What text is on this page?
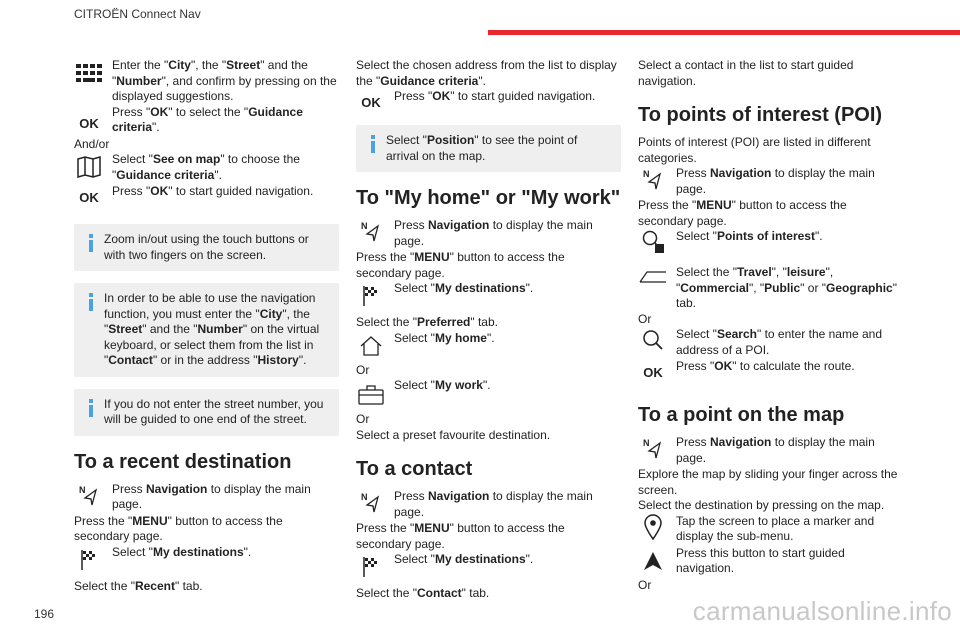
CITROËN Connect Nav
Enter the "City", the "Street" and the "Number", and confirm by pressing on the displayed suggestions.
OK
Press "OK" to select the "Guidance criteria".
And/or
Select "See on map" to choose the "Guidance criteria".
OK	Press "OK" to start guided navigation.
Zoom in/out using the touch buttons or with two fingers on the screen.
In order to be able to use the navigation function, you must enter the "City", the "Street" and the "Number" on the virtual keyboard, or select them from the list in "Contact" or in the address "History".
If you do not enter the street number, you will be guided to one end of the street.
To a recent destination
N Press Navigation to display the main page.
Press the "MENU" button to access the secondary page.
Select "My destinations".
Select the "Recent" tab.
Select the chosen address from the list to display the "Guidance criteria".
OK	Press "OK" to start guided navigation.
Select "Position" to see the point of arrival on the map.
To "My home" or "My work"
N Press Navigation to display the main page.
Press the "MENU" button to access the secondary page.
Select "My destinations".
Select the "Preferred" tab.
Select "My home".
Or
Select "My work".
Or
Select a preset favourite destination.
To a contact
N Press Navigation to display the main page.
Press the "MENU" button to access the secondary page.
Select "My destinations".
Select the "Contact" tab.
Select a contact in the list to start guided navigation.
To points of interest (POI)
Points of interest (POI) are listed in different categories.
N Press Navigation to display the main page.
Press the "MENU" button to access the secondary page.
Select "Points of interest".
Select the "Travel", "leisure", "Commercial", "Public" or "Geographic" tab.
Or
Select "Search" to enter the name and address of a POI.
OK	Press "OK" to calculate the route.
To a point on the map
N Press Navigation to display the main page.
Explore the map by sliding your finger across the screen.
Select the destination by pressing on the map.
Tap the screen to place a marker and display the sub-menu.
Press this button to start guided navigation.
Or
196	carmanualsonline.info
